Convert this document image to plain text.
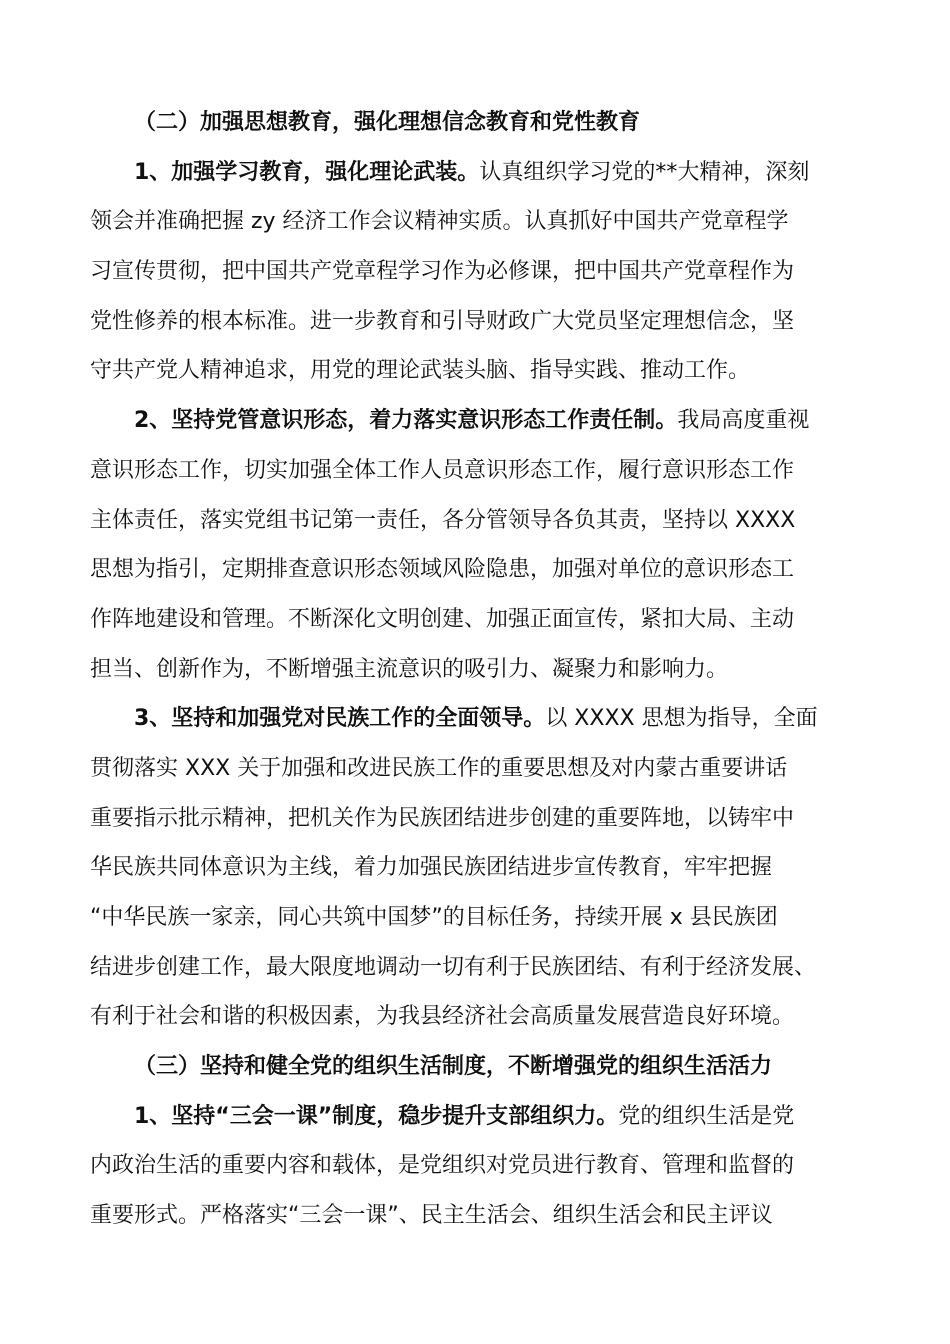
（二）加强思想教育，强化理想信念教育和党性教育
1、加强学习教育，强化理论武装。认真组织学习党的**大精神，深刻
领会并准确把握 zy 经济工作会议精神实质。认真抓好中国共产党章程学
习宣传贯彻，把中国共产党章程学习作为必修课，把中国共产党章程作为
党性修养的根本标准。进一步教育和引导财政广大党员坚定理想信念，坚
守共产党人精神追求，用党的理论武装头脑、指导实践、推动工作。
2、坚持党管意识形态，着力落实意识形态工作责任制。我局高度重视
意识形态工作，切实加强全体工作人员意识形态工作，履行意识形态工作
主体责任，落实党组书记第一责任，各分管领导各负其责，坚持以 XXXX
思想为指引，定期排查意识形态领域风险隐患，加强对单位的意识形态工
作阵地建设和管理。不断深化文明创建、加强正面宣传，紧扣大局、主动
担当、创新作为，不断增强主流意识的吸引力、凝聚力和影响力。
3、坚持和加强党对民族工作的全面领导。以 XXXX 思想为指导，全面
贯彻落实 XXX 关于加强和改进民族工作的重要思想及对内蒙古重要讲话
重要指示批示精神，把机关作为民族团结进步创建的重要阵地，以铸牢中
华民族共同体意识为主线，着力加强民族团结进步宣传教育，牢牢把握
“中华民族一家亲，同心共筑中国梦”的目标任务，持续开展 x 县民族团
结进步创建工作，最大限度地调动一切有利于民族团结、有利于经济发展、
有利于社会和谐的积极因素，为我县经济社会高质量发展营造良好环境。
（三）坚持和健全党的组织生活制度，不断增强党的组织生活活力
1、坚持“三会一课”制度，稳步提升支部组织力。党的组织生活是党
内政治生活的重要内容和载体，是党组织对党员进行教育、管理和监督的
重要形式。严格落实“三会一课”、民主生活会、组织生活会和民主评议
